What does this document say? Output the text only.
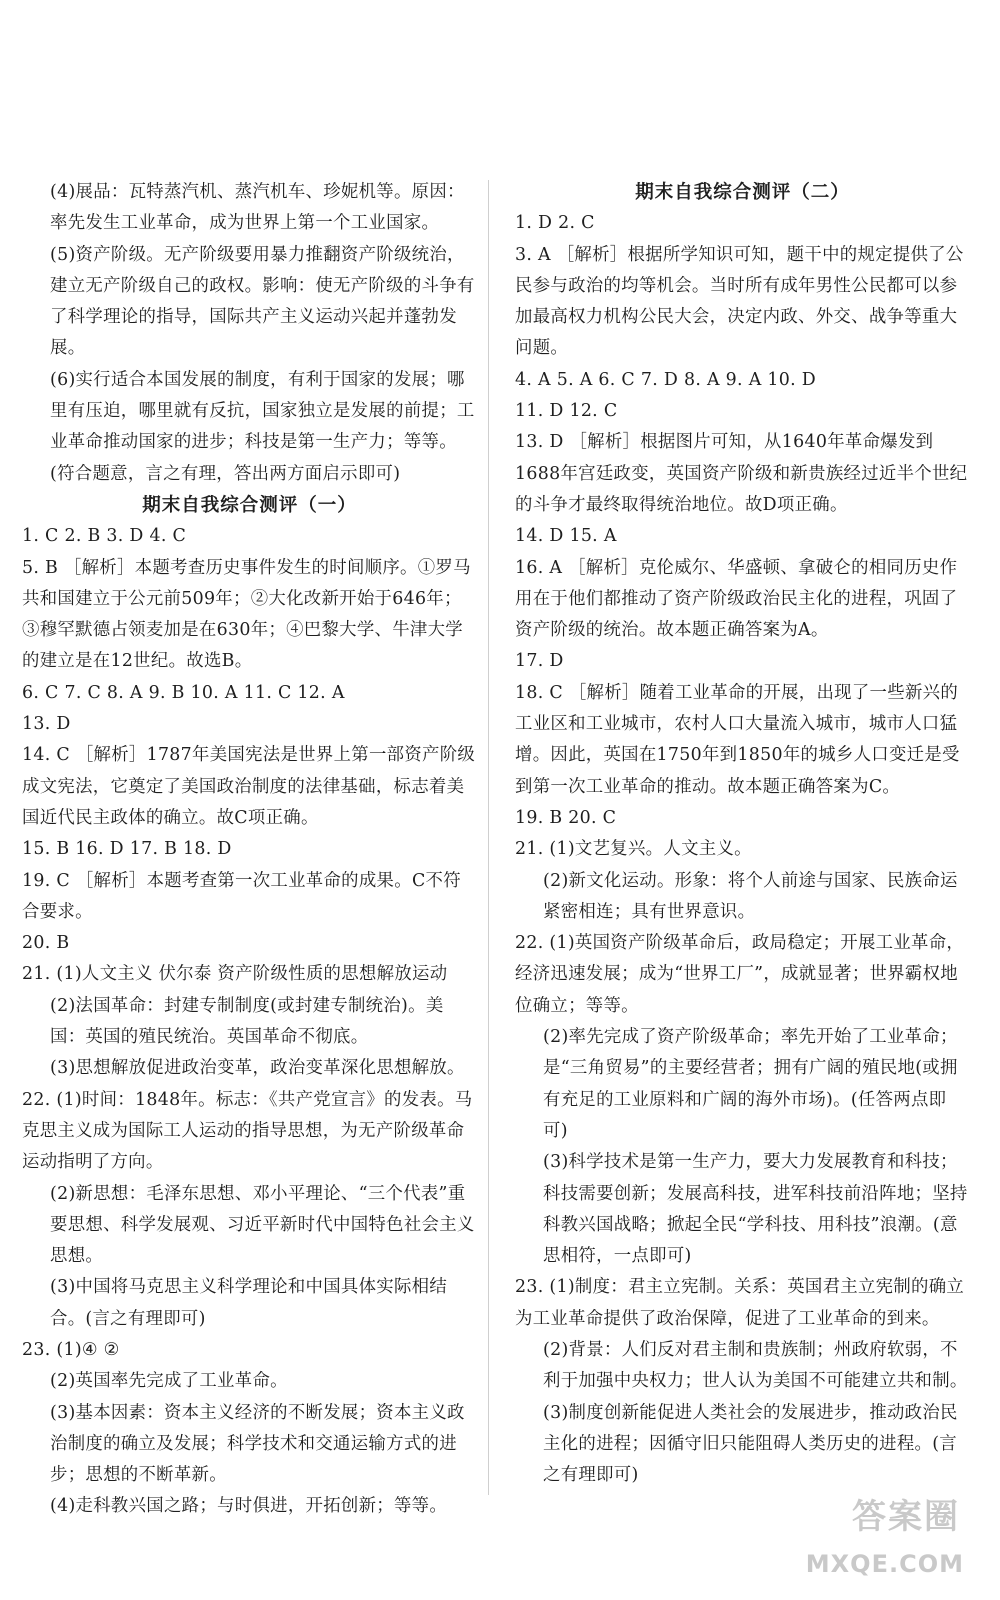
(4)展品：瓦特蒸汽机、蒸汽机车、珍妮机等。原因：率先发生工业革命，成为世界上第一个工业国家。
(5)资产阶级。无产阶级要用暴力推翻资产阶级统治，建立无产阶级自己的政权。影响：使无产阶级的斗争有了科学理论的指导，国际共产主义运动兴起并蓬勃发展。
(6)实行适合本国发展的制度，有利于国家的发展；哪里有压迫，哪里就有反抗，国家独立是发展的前提；工业革命推动国家的进步；科技是第一生产力；等等。(符合题意，言之有理，答出两方面启示即可)
期末自我综合测评（一）
1. C 2. B 3. D 4. C
5. B ［解析］本题考查历史事件发生的时间顺序。①罗马共和国建立于公元前509年；②大化改新开始于646年；③穆罕默德占领麦加是在630年；④巴黎大学、牛津大学的建立是在12世纪。故选B。
6. C 7. C 8. A 9. B 10. A 11. C 12. A
13. D
14. C ［解析］1787年美国宪法是世界上第一部资产阶级成文宪法，它奠定了美国政治制度的法律基础，标志着美国近代民主政体的确立。故C项正确。
15. B 16. D 17. B 18. D
19. C ［解析］本题考查第一次工业革命的成果。C不符合要求。
20. B
21. (1)人文主义 伏尔泰 资产阶级性质的思想解放运动
(2)法国革命：封建专制制度(或封建专制统治)。美国：英国的殖民统治。英国革命不彻底。
(3)思想解放促进政治变革，政治变革深化思想解放。
22. (1)时间：1848年。标志：《共产党宣言》的发表。马克思主义成为国际工人运动的指导思想，为无产阶级革命运动指明了方向。
(2)新思想：毛泽东思想、邓小平理论、“三个代表”重要思想、科学发展观、习近平新时代中国特色社会主义思想。
(3)中国将马克思主义科学理论和中国具体实际相结合。(言之有理即可)
23. (1)④ ②
(2)英国率先完成了工业革命。
(3)基本因素：资本主义经济的不断发展；资本主义政治制度的确立及发展；科学技术和交通运输方式的进步；思想的不断革新。
(4)走科教兴国之路；与时俱进，开拓创新；等等。
期末自我综合测评（二）
1. D 2. C
3. A ［解析］根据所学知识可知，题干中的规定提供了公民参与政治的均等机会。当时所有成年男性公民都可以参加最高权力机构公民大会，决定内政、外交、战争等重大问题。
4. A 5. A 6. C 7. D 8. A 9. A 10. D
11. D 12. C
13. D ［解析］根据图片可知，从1640年革命爆发到1688年宫廷政变，英国资产阶级和新贵族经过近半个世纪的斗争才最终取得统治地位。故D项正确。
14. D 15. A
16. A ［解析］克伦威尔、华盛顿、拿破仑的相同历史作用在于他们都推动了资产阶级政治民主化的进程，巩固了资产阶级的统治。故本题正确答案为A。
17. D
18. C ［解析］随着工业革命的开展，出现了一些新兴的工业区和工业城市，农村人口大量流入城市，城市人口猛增。因此，英国在1750年到1850年的城乡人口变迁是受到第一次工业革命的推动。故本题正确答案为C。
19. B 20. C
21. (1)文艺复兴。人文主义。
(2)新文化运动。形象：将个人前途与国家、民族命运紧密相连；具有世界意识。
22. (1)英国资产阶级革命后，政局稳定；开展工业革命，经济迅速发展；成为“世界工厂”，成就显著；世界霸权地位确立；等等。
(2)率先完成了资产阶级革命；率先开始了工业革命；是“三角贸易”的主要经营者；拥有广阔的殖民地(或拥有充足的工业原料和广阔的海外市场)。(任答两点即可)
(3)科学技术是第一生产力，要大力发展教育和科技；科技需要创新；发展高科技，进军科技前沿阵地；坚持科教兴国战略；掀起全民“学科技、用科技”浪潮。(意思相符，一点即可)
23. (1)制度：君主立宪制。关系：英国君主立宪制的确立为工业革命提供了政治保障，促进了工业革命的到来。
(2)背景：人们反对君主制和贵族制；州政府软弱，不利于加强中央权力；世人认为美国不可能建立共和制。
(3)制度创新能促进人类社会的发展进步，推动政治民主化的进程；因循守旧只能阻碍人类历史的进程。(言之有理即可)
答案圈
MXQE.COM
